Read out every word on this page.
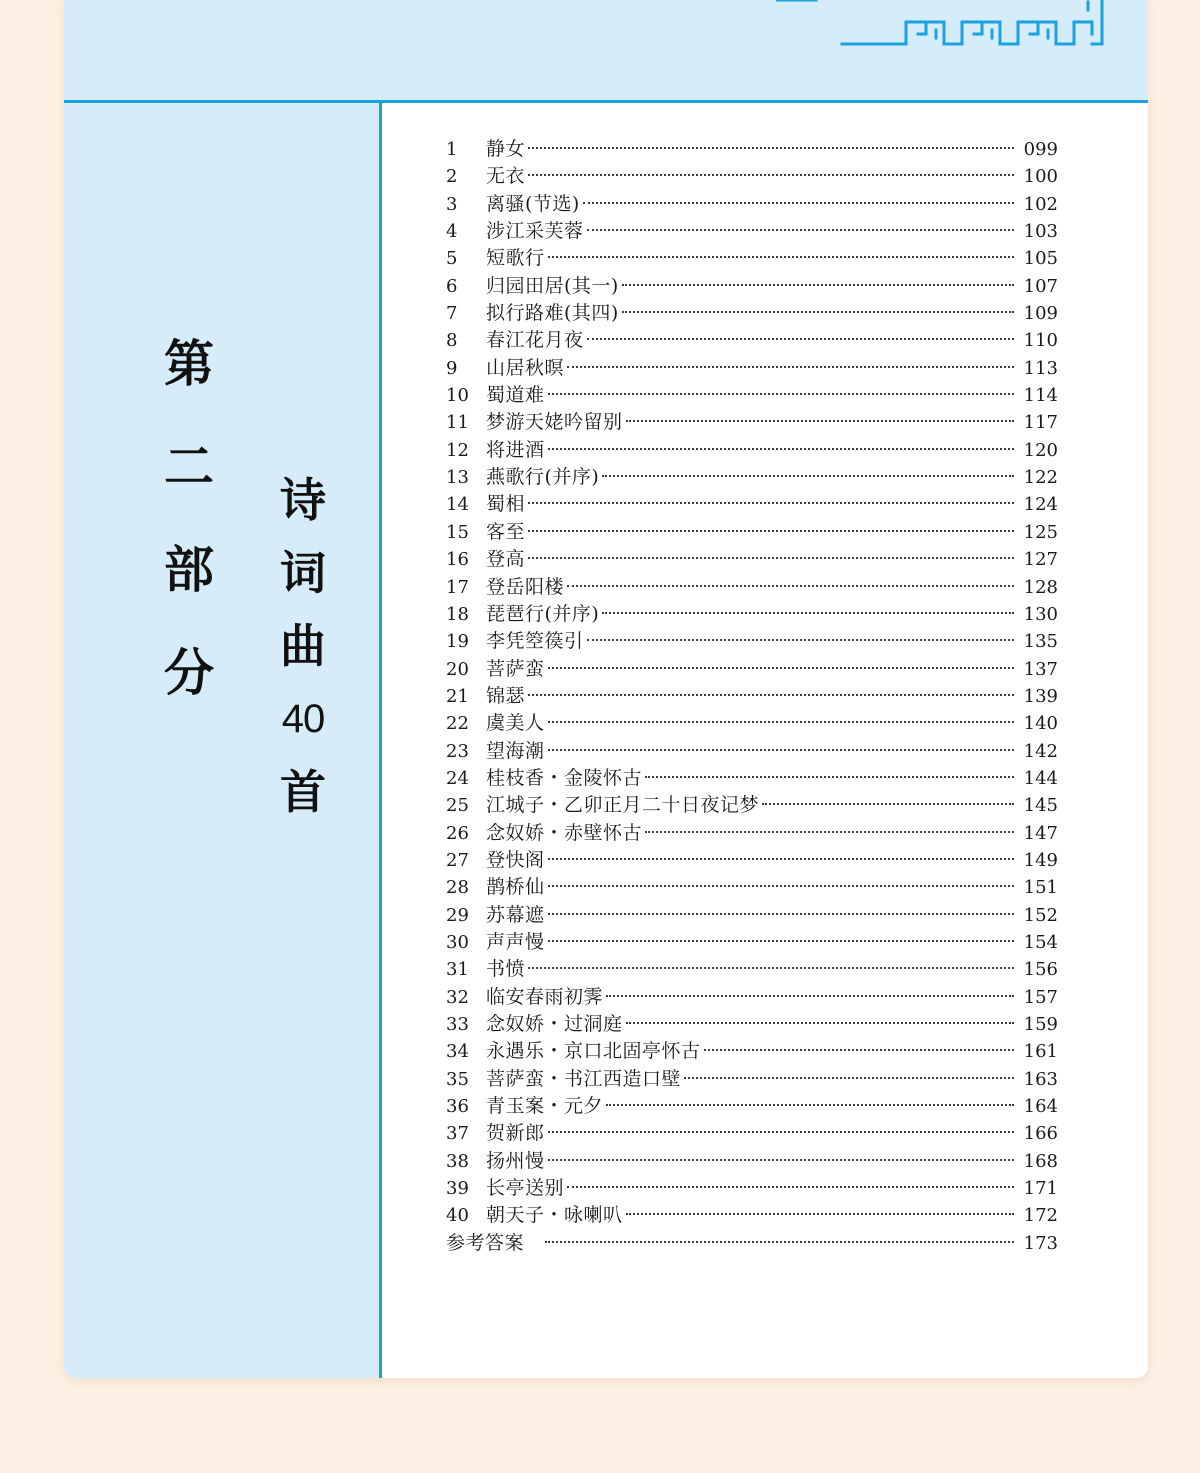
第二部分
诗词曲
40
首
1	静女	099
2	无衣	100
3	离骚(节选)	102
4	涉江采芙蓉	103
5	短歌行	105
6	归园田居(其一)	107
7	拟行路难(其四)	109
8	春江花月夜	110
9	山居秋暝	113
10 蜀道难	114
11 梦游天姥吟留别	117
12 将进酒	120
13 燕歌行(并序)	122
14 蜀相	124
15 客至	125
16 登高	127
17 登岳阳楼	128
18 琵琶行(并序)	130
19 李凭箜篌引	135
20 菩萨蛮	137
21 锦瑟	139
22 虞美人	140
23 望海潮	142
24 桂枝香・金陵怀古	144
25 江城子・乙卯正月二十日夜记梦	145
26 念奴娇・赤壁怀古	147
27 登快阁	149
28 鹊桥仙	151
29 苏幕遮	152
30 声声慢	154
31 书愤	156
32 临安春雨初霁	157
33 念奴娇・过洞庭	159
34 永遇乐・京口北固亭怀古	161
35 菩萨蛮・书江西造口壁	163
36 青玉案・元夕	164
37 贺新郎	166
38 扬州慢	168
39 长亭送别	171
40 朝天子・咏喇叭	172
参考答案	173
